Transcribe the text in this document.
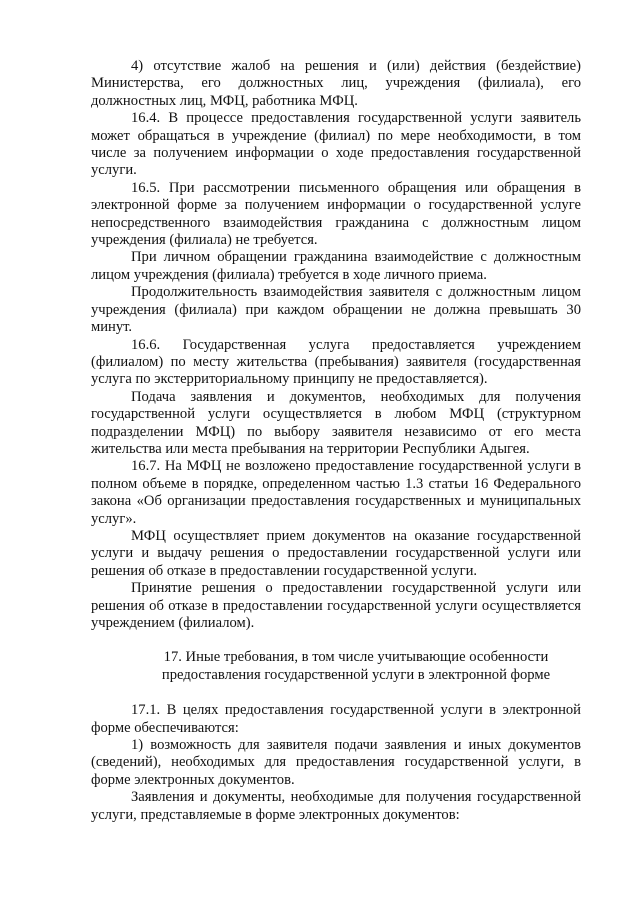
4) отсутствие жалоб на решения и (или) действия (бездействие) Министерства, его должностных лиц, учреждения (филиала), его должностных лиц, МФЦ, работника МФЦ.

16.4. В процессе предоставления государственной услуги заявитель может обращаться в учреждение (филиал) по мере необходимости, в том числе за получением информации о ходе предоставления государственной услуги.

16.5. При рассмотрении письменного обращения или обращения в электронной форме за получением информации о государственной услуге непосредственного взаимодействия гражданина с должностным лицом учреждения (филиала) не требуется.

При личном обращении гражданина взаимодействие с должностным лицом учреждения (филиала) требуется в ходе личного приема.

Продолжительность взаимодействия заявителя с должностным лицом учреждения (филиала) при каждом обращении не должна превышать 30 минут.

16.6. Государственная услуга предоставляется учреждением (филиалом) по месту жительства (пребывания) заявителя (государственная услуга по экстерриториальному принципу не предоставляется).

Подача заявления и документов, необходимых для получения государственной услуги осуществляется в любом МФЦ (структурном подразделении МФЦ) по выбору заявителя независимо от его места жительства или места пребывания на территории Республики Адыгея.

16.7. На МФЦ не возложено предоставление государственной услуги в полном объеме в порядке, определенном частью 1.3 статьи 16 Федерального закона «Об организации предоставления государственных и муниципальных услуг».

МФЦ осуществляет прием документов на оказание государственной услуги и выдачу решения о предоставлении государственной услуги или решения об отказе в предоставлении государственной услуги.

Принятие решения о предоставлении государственной услуги или решения об отказе в предоставлении государственной услуги осуществляется учреждением (филиалом).

17. Иные требования, в том числе учитывающие особенности
предоставления государственной услуги в электронной форме

17.1. В целях предоставления государственной услуги в электронной форме обеспечиваются:

1) возможность для заявителя подачи заявления и иных документов (сведений), необходимых для предоставления государственной услуги, в форме электронных документов.

Заявления и документы, необходимые для получения государственной услуги, представляемые в форме электронных документов:
